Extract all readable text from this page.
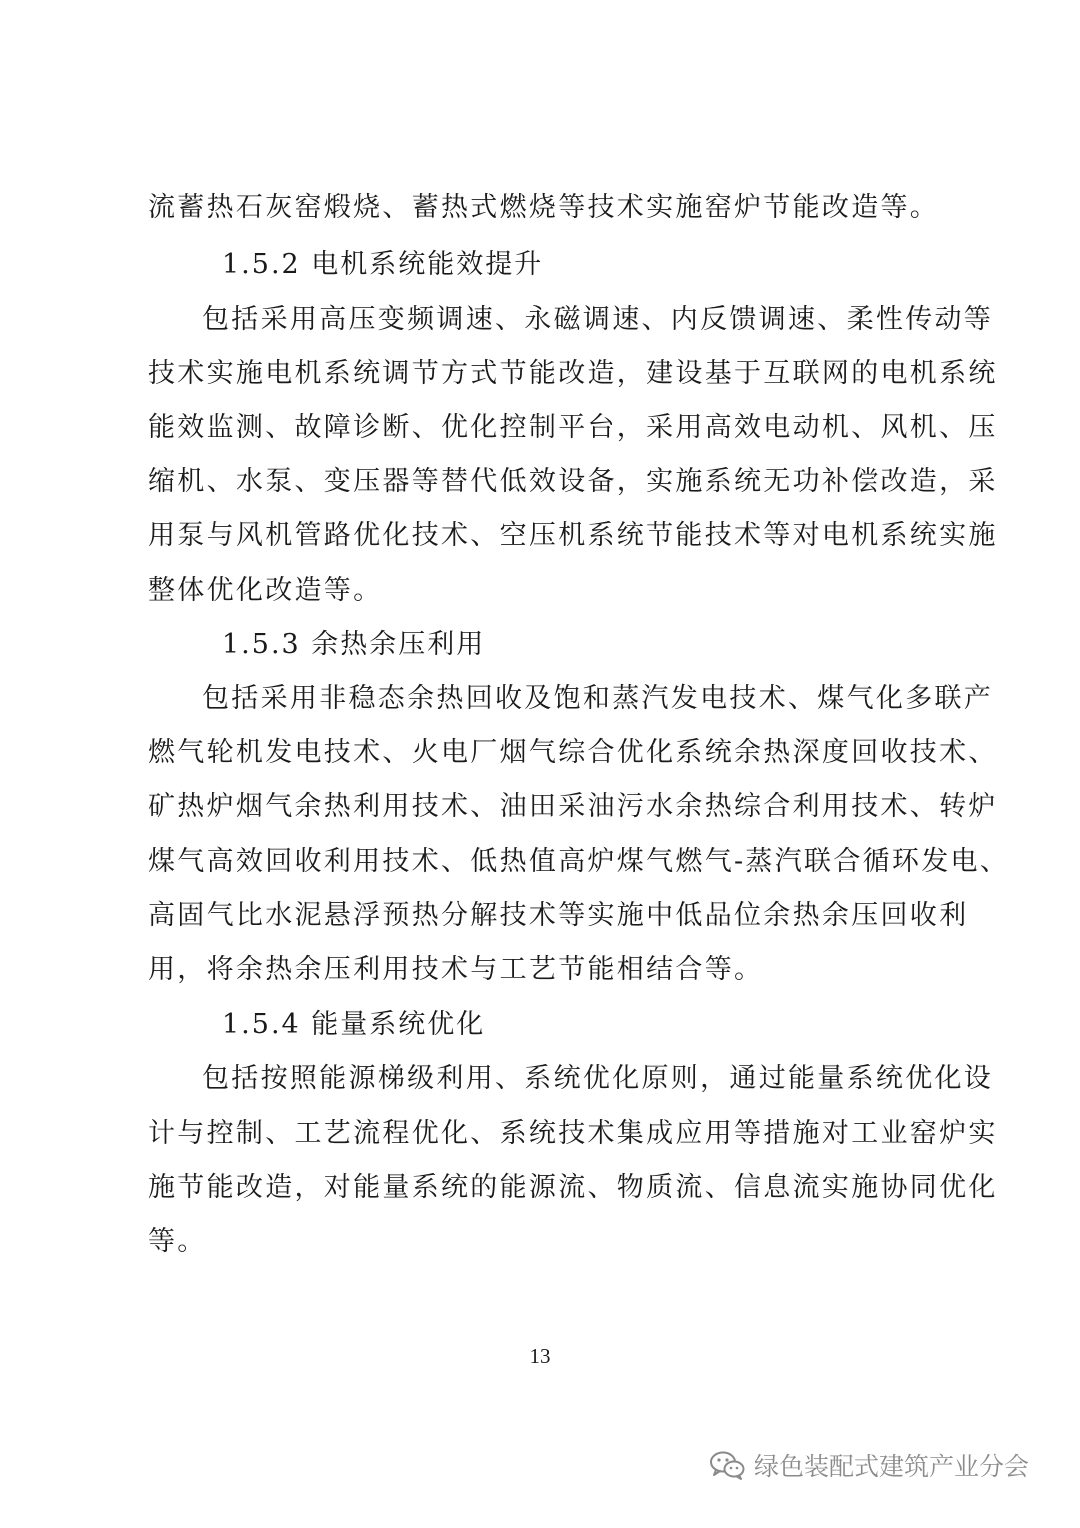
流蓄热石灰窑煅烧、蓄热式燃烧等技术实施窑炉节能改造等。

1.5.2 电机系统能效提升

包括采用高压变频调速、永磁调速、内反馈调速、柔性传动等

技术实施电机系统调节方式节能改造，建设基于互联网的电机系统

能效监测、故障诊断、优化控制平台，采用高效电动机、风机、压

缩机、水泵、变压器等替代低效设备，实施系统无功补偿改造，采

用泵与风机管路优化技术、空压机系统节能技术等对电机系统实施

整体优化改造等。

1.5.3 余热余压利用

包括采用非稳态余热回收及饱和蒸汽发电技术、煤气化多联产

燃气轮机发电技术、火电厂烟气综合优化系统余热深度回收技术、

矿热炉烟气余热利用技术、油田采油污水余热综合利用技术、转炉

煤气高效回收利用技术、低热值高炉煤气燃气-蒸汽联合循环发电、

高固气比水泥悬浮预热分解技术等实施中低品位余热余压回收利

用，将余热余压利用技术与工艺节能相结合等。

1.5.4 能量系统优化

包括按照能源梯级利用、系统优化原则，通过能量系统优化设

计与控制、工艺流程优化、系统技术集成应用等措施对工业窑炉实

施节能改造，对能量系统的能源流、物质流、信息流实施协同优化

等。

13
绿色装配式建筑产业分会
